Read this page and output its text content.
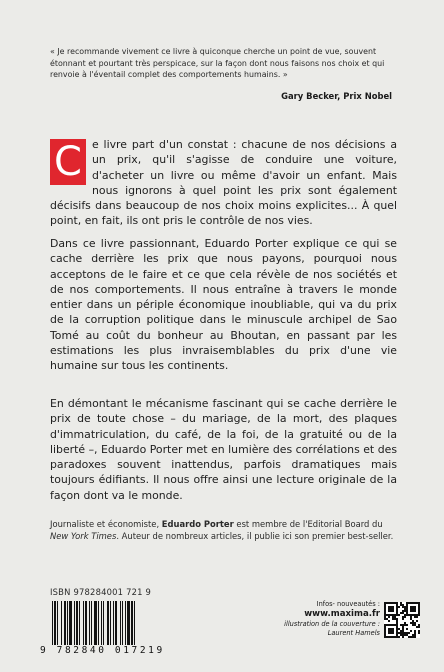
« Je recommande vivement ce livre à quiconque cherche un point de vue, souvent étonnant et pourtant très perspicace, sur la façon dont nous faisons nos choix et qui renvoie à l'éventail complet des comportements humains. »
Gary Becker, Prix Nobel
C e livre part d'un constat : chacune de nos décisions a un prix, qu'il s'agisse de conduire une voiture, d'acheter un livre ou même d'avoir un enfant. Mais nous ignorons à quel point les prix sont également décisifs dans beaucoup de nos choix moins explicites... À quel point, en fait, ils ont pris le contrôle de nos vies.
Dans ce livre passionnant, Eduardo Porter explique ce qui se cache derrière les prix que nous payons, pourquoi nous acceptons de le faire et ce que cela révèle de nos sociétés et de nos comportements. Il nous entraîne à travers le monde entier dans un périple économique inoubliable, qui va du prix de la corruption politique dans le minuscule archipel de Sao Tomé au coût du bonheur au Bhoutan, en passant par les estimations les plus invraisemblables du prix d'une vie humaine sur tous les continents.
En démontant le mécanisme fascinant qui se cache derrière le prix de toute chose – du mariage, de la mort, des plaques d'immatriculation, du café, de la foi, de la gratuité ou de la liberté –, Eduardo Porter met en lumière des corrélations et des paradoxes souvent inattendus, parfois dramatiques mais toujours édifiants. Il nous offre ainsi une lecture originale de la façon dont va le monde.
Journaliste et économiste, Eduardo Porter est membre de l'Editorial Board du New York Times. Auteur de nombreux articles, il publie ici son premier best-seller.
ISBN 978284001 721 9
9 782840 017219
Infos- nouveautés :
www.maxima.fr
illustration de la couverture :
Laurent Hamels
